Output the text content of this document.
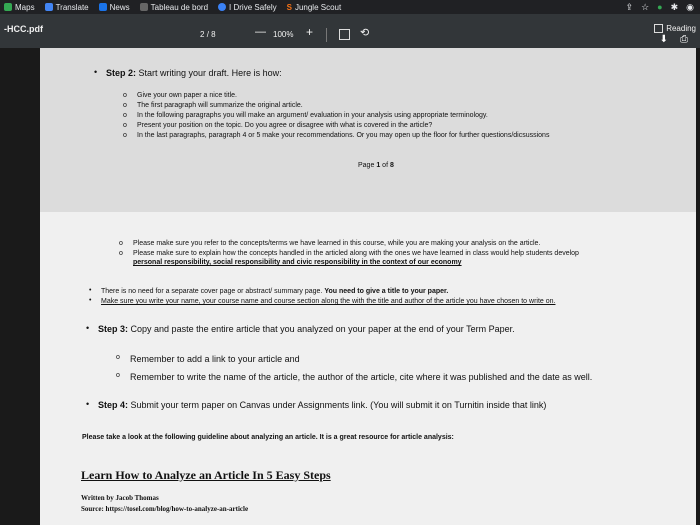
Maps	Translate	News	Tableau de bord	I Drive Safely S Jungle Scout	⇪ ☆ ● ✱ ◉
-HCC.pdf
2 / 8	— 100% +	⟲	Reading
⬇ ⎙
• Step 2: Start writing your draft. Here is how:
o Give your own paper a nice title.
o The first paragraph will summarize the original article.
o In the following paragraphs you will make an argument/ evaluation in your analysis using appropriate terminology.
o Present your position on the topic. Do you agree or disagree with what is covered in the article?
o In the last paragraphs, paragraph 4 or 5 make your recommendations. Or you may open up the floor for further questions/dicsussions
Page 1 of 8
o Please make sure you refer to the concepts/terms we have learned in this course, while you are making your analysis on the article.
o Please make sure to explain how the concepts handled in the articled along with the ones we have learned in class would help students develop
personal responsibility, social responsibility and civic responsibility in the context of our economy
• There is no need for a separate cover page or abstract/ summary page. You need to give a title to your paper.
• Make sure you write your name, your course name and course section along the with the title and author of the article you have chosen to write on.
• Step 3: Copy and paste the entire article that you analyzed on your paper at the end of your Term Paper.
o Remember to add a link to your article and
o Remember to write the name of the article, the author of the article, cite where it was published and the date as well.
• Step 4: Submit your term paper on Canvas under Assignments link. (You will submit it on Turnitin inside that link)
Please take a look at the following guideline about analyzing an article. It is a great resource for article analysis:
Learn How to Analyze an Article In 5 Easy Steps
Written by Jacob Thomas
Source: https://tosel.com/blog/how-to-analyze-an-article
